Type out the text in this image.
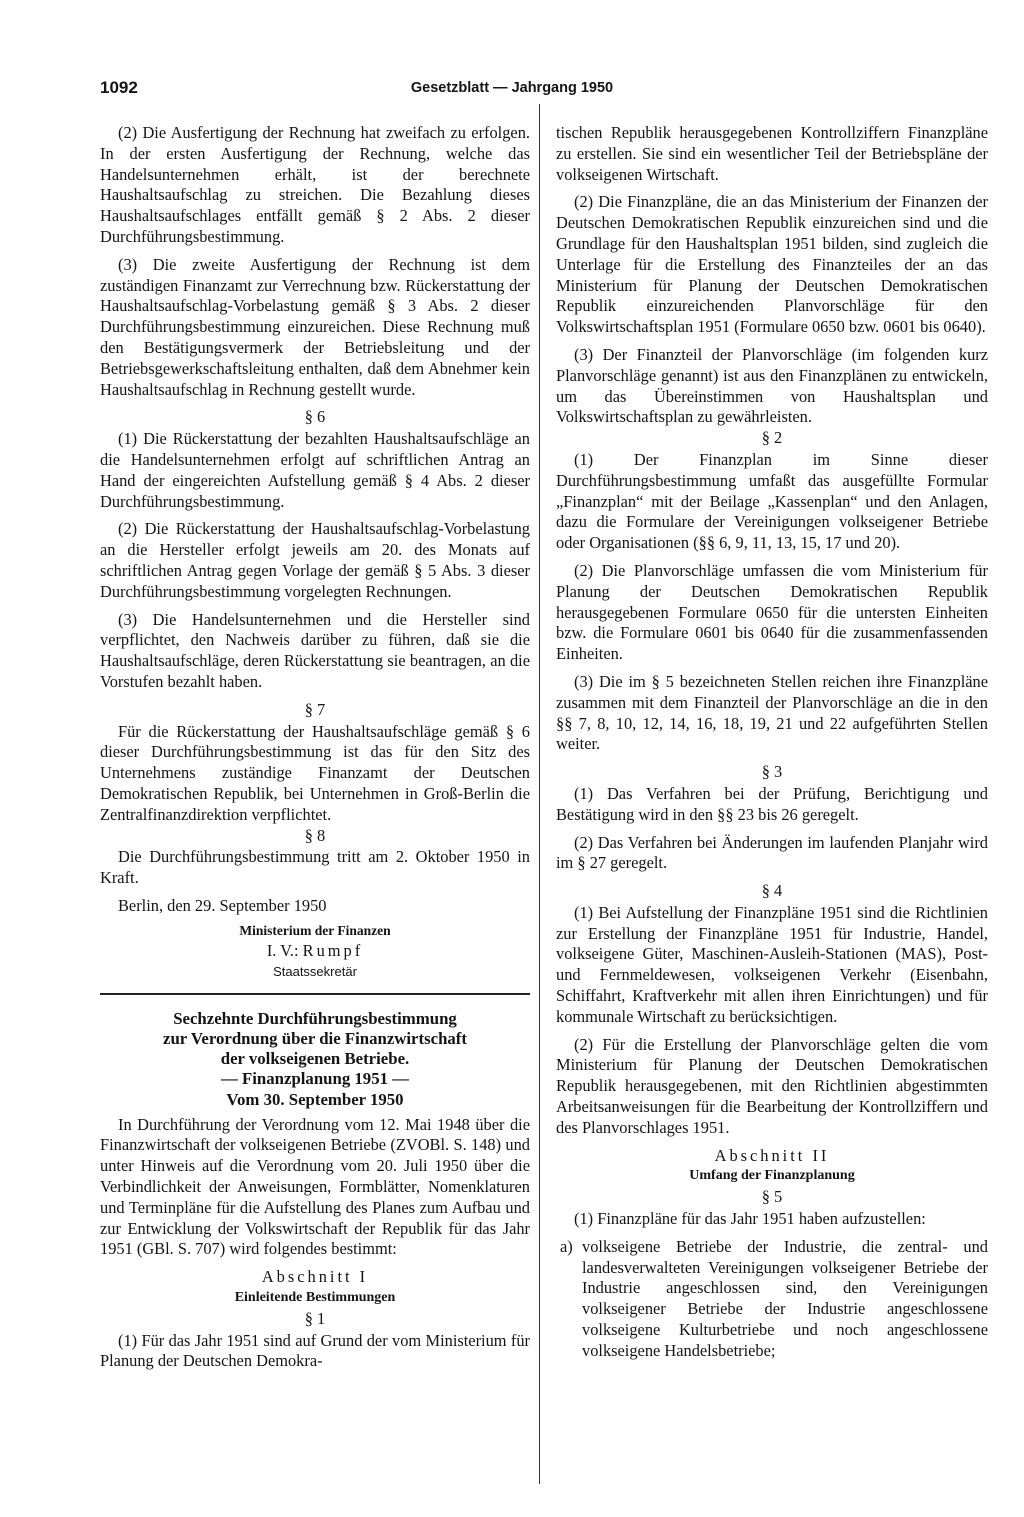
1092	Gesetzblatt — Jahrgang 1950

(2) Die Ausfertigung der Rechnung hat zweifach zu erfolgen. In der ersten Ausfertigung der Rechnung, welche das Handelsunternehmen erhält, ist der berechnete Haushaltsaufschlag zu streichen. Die Bezahlung dieses Haushaltsaufschlages entfällt gemäß § 2 Abs. 2 dieser Durchführungsbestimmung.

(3) Die zweite Ausfertigung der Rechnung ist dem zuständigen Finanzamt zur Verrechnung bzw. Rückerstattung der Haushaltsaufschlag-Vorbelastung gemäß § 3 Abs. 2 dieser Durchführungsbestimmung einzureichen. Diese Rechnung muß den Bestätigungsvermerk der Betriebsleitung und der Betriebsgewerkschaftsleitung enthalten, daß dem Abnehmer kein Haushaltsaufschlag in Rechnung gestellt wurde.

§ 6

(1) Die Rückerstattung der bezahlten Haushaltsaufschläge an die Handelsunternehmen erfolgt auf schriftlichen Antrag an Hand der eingereichten Aufstellung gemäß § 4 Abs. 2 dieser Durchführungsbestimmung.

(2) Die Rückerstattung der Haushaltsaufschlag-Vorbelastung an die Hersteller erfolgt jeweils am 20. des Monats auf schriftlichen Antrag gegen Vorlage der gemäß § 5 Abs. 3 dieser Durchführungsbestimmung vorgelegten Rechnungen.

(3) Die Handelsunternehmen und die Hersteller sind verpflichtet, den Nachweis darüber zu führen, daß sie die Haushaltsaufschläge, deren Rückerstattung sie beantragen, an die Vorstufen bezahlt haben.

§ 7

Für die Rückerstattung der Haushaltsaufschläge gemäß § 6 dieser Durchführungsbestimmung ist das für den Sitz des Unternehmens zuständige Finanzamt der Deutschen Demokratischen Republik, bei Unternehmen in Groß-Berlin die Zentralfinanzdirektion verpflichtet.

§ 8

Die Durchführungsbestimmung tritt am 2. Oktober 1950 in Kraft.

Berlin, den 29. September 1950
Ministerium der Finanzen
I. V.: Rumpf
Staatssekretär
Sechzehnte Durchführungsbestimmung
zur Verordnung über die Finanzwirtschaft
der volkseigenen Betriebe.
— Finanzplanung 1951 —
Vom 30. September 1950

In Durchführung der Verordnung vom 12. Mai 1948 über die Finanzwirtschaft der volkseigenen Betriebe (ZVOBl. S. 148) und unter Hinweis auf die Verordnung vom 20. Juli 1950 über die Verbindlichkeit der Anweisungen, Formblätter, Nomenklaturen und Terminpläne für die Aufstellung des Planes zum Aufbau und zur Entwicklung der Volkswirtschaft der Republik für das Jahr 1951 (GBl. S. 707) wird folgendes bestimmt:

Abschnitt I
Einleitende Bestimmungen
§ 1

(1) Für das Jahr 1951 sind auf Grund der vom Ministerium für Planung der Deutschen Demokra-

tischen Republik herausgegebenen Kontrollziffern Finanzpläne zu erstellen. Sie sind ein wesentlicher Teil der Betriebspläne der volkseigenen Wirtschaft.

(2) Die Finanzpläne, die an das Ministerium der Finanzen der Deutschen Demokratischen Republik einzureichen sind und die Grundlage für den Haushaltsplan 1951 bilden, sind zugleich die Unterlage für die Erstellung des Finanzteiles der an das Ministerium für Planung der Deutschen Demokratischen Republik einzureichenden Planvorschläge für den Volkswirtschaftsplan 1951 (Formulare 0650 bzw. 0601 bis 0640).

(3) Der Finanzteil der Planvorschläge (im folgenden kurz Planvorschläge genannt) ist aus den Finanzplänen zu entwickeln, um das Übereinstimmen von Haushaltsplan und Volkswirtschaftsplan zu gewährleisten.

§ 2

(1) Der Finanzplan im Sinne dieser Durchführungsbestimmung umfaßt das ausgefüllte Formular „Finanzplan“ mit der Beilage „Kassenplan“ und den Anlagen, dazu die Formulare der Vereinigungen volkseigener Betriebe oder Organisationen (§§ 6, 9, 11, 13, 15, 17 und 20).

(2) Die Planvorschläge umfassen die vom Ministerium für Planung der Deutschen Demokratischen Republik herausgegebenen Formulare 0650 für die untersten Einheiten bzw. die Formulare 0601 bis 0640 für die zusammenfassenden Einheiten.

(3) Die im § 5 bezeichneten Stellen reichen ihre Finanzpläne zusammen mit dem Finanzteil der Planvorschläge an die in den §§ 7, 8, 10, 12, 14, 16, 18, 19, 21 und 22 aufgeführten Stellen weiter.

§ 3

(1) Das Verfahren bei der Prüfung, Berichtigung und Bestätigung wird in den §§ 23 bis 26 geregelt.

(2) Das Verfahren bei Änderungen im laufenden Planjahr wird im § 27 geregelt.

§ 4

(1) Bei Aufstellung der Finanzpläne 1951 sind die Richtlinien zur Erstellung der Finanzpläne 1951 für Industrie, Handel, volkseigene Güter, Maschinen-Ausleih-Stationen (MAS), Post- und Fernmeldewesen, volkseigenen Verkehr (Eisenbahn, Schiffahrt, Kraftverkehr mit allen ihren Einrichtungen) und für kommunale Wirtschaft zu berücksichtigen.

(2) Für die Erstellung der Planvorschläge gelten die vom Ministerium für Planung der Deutschen Demokratischen Republik herausgegebenen, mit den Richtlinien abgestimmten Arbeitsanweisungen für die Bearbeitung der Kontrollziffern und des Planvorschlages 1951.

Abschnitt II
Umfang der Finanzplanung
§ 5

(1) Finanzpläne für das Jahr 1951 haben aufzustellen:

a) volkseigene Betriebe der Industrie, die zentral- und landesverwalteten Vereinigungen volkseigener Betriebe der Industrie angeschlossen sind, den Vereinigungen volkseigener Betriebe der Industrie angeschlossene volkseigene Kulturbetriebe und noch angeschlossene volkseigene Handelsbetriebe;
